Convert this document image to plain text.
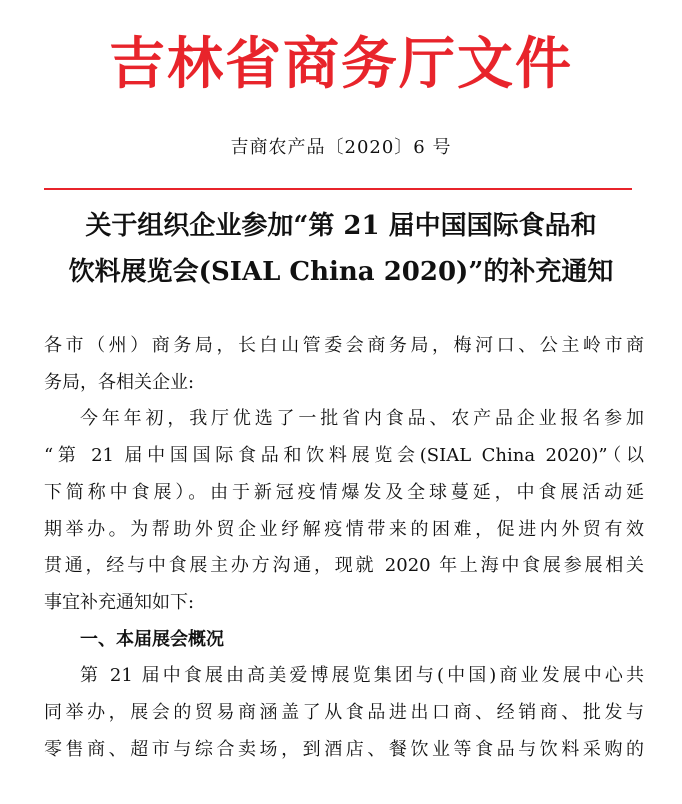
吉林省商务厅文件
吉商农产品〔2020〕6 号
关于组织企业参加“第 21 届中国国际食品和
饮料展览会(SIAL China 2020)”的补充通知

各市（州）商务局，长白山管委会商务局，梅河口、公主岭市商

务局，各相关企业:

今年年初，我厅优选了一批省内食品、农产品企业报名参加

“第 21 届中国国际食品和饮料展览会(SIAL China 2020)”（以

下简称中食展）。由于新冠疫情爆发及全球蔓延，中食展活动延

期举办。为帮助外贸企业纾解疫情带来的困难，促进内外贸有效

贯通，经与中食展主办方沟通，现就 2020 年上海中食展参展相关

事宜补充通知如下:

一、本届展会概况

第 21 届中食展由高美爱博展览集团与(中国)商业发展中心共

同举办，展会的贸易商涵盖了从食品进出口商、经销商、批发与

零售商、超市与综合卖场，到酒店、餐饮业等食品与饮料采购的
